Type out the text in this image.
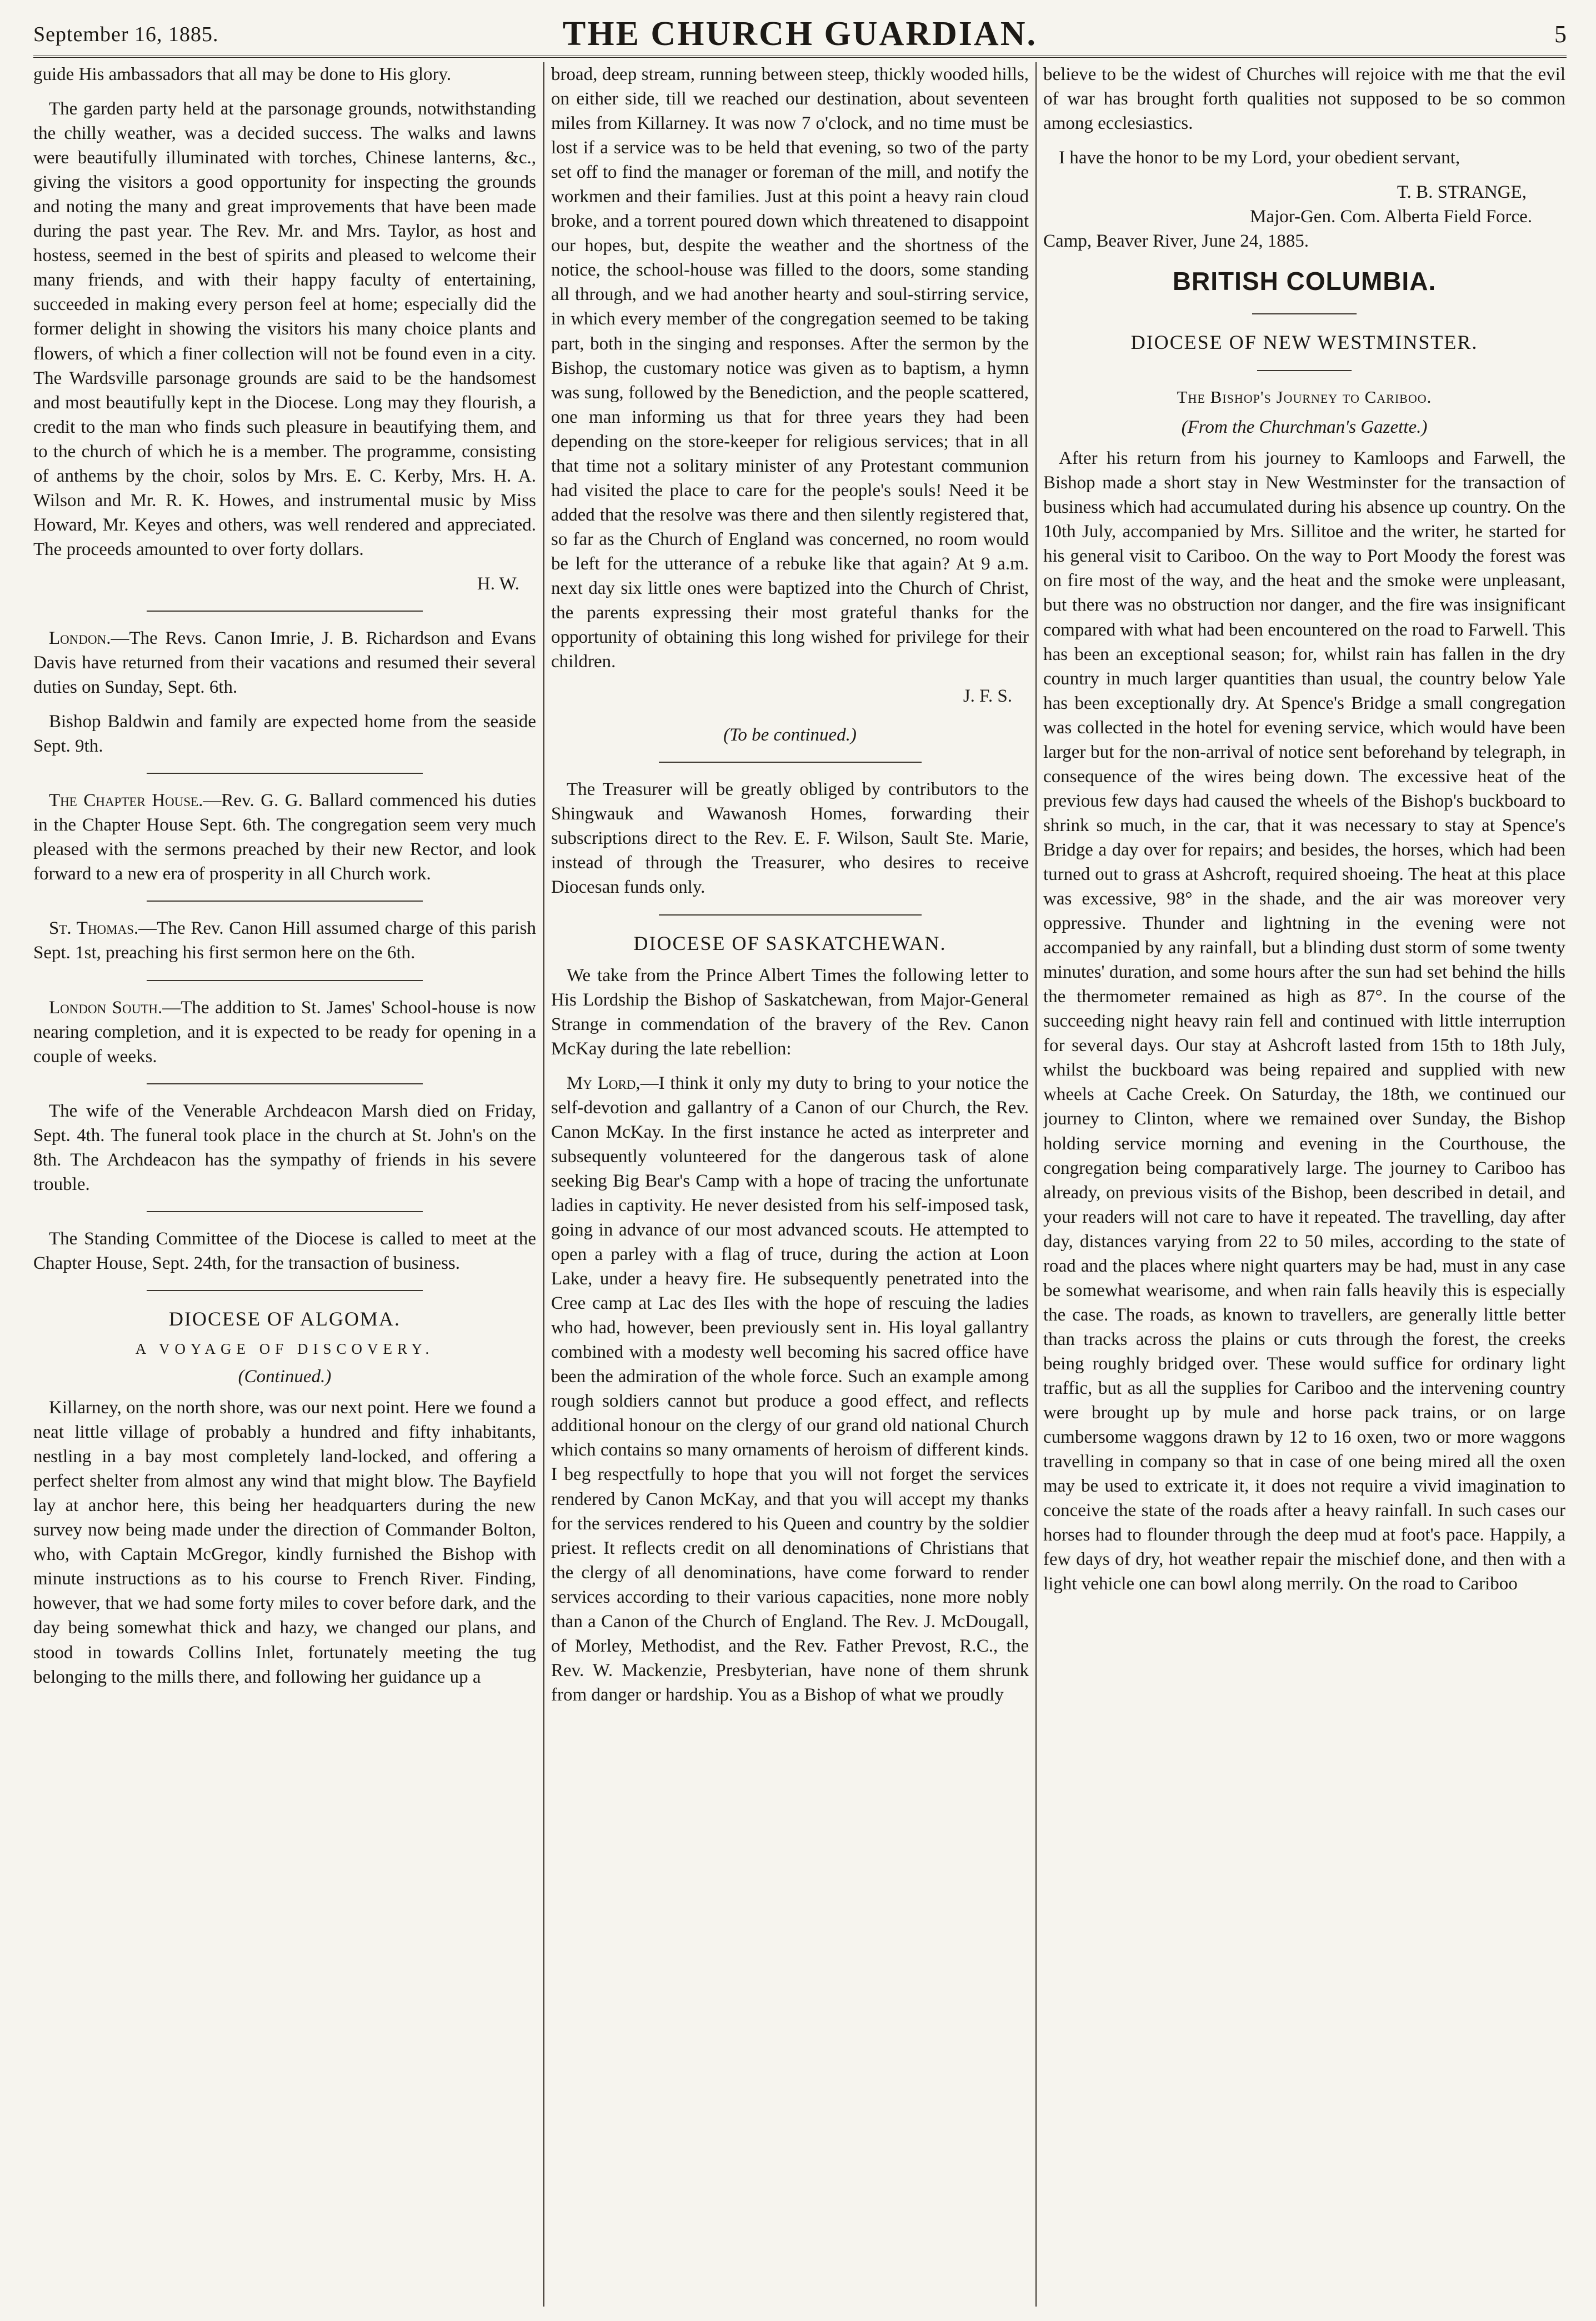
September 16, 1885.	THE CHURCH GUARDIAN.	5

guide His ambassadors that all may be done to His glory.

The garden party held at the parsonage grounds, notwithstanding the chilly weather, was a decided success. The walks and lawns were beautifully illuminated with torches, Chinese lanterns, &c., giving the visitors a good opportunity for inspecting the grounds and noting the many and great improvements that have been made during the past year. The Rev. Mr. and Mrs. Taylor, as host and hostess, seemed in the best of spirits and pleased to welcome their many friends, and with their happy faculty of entertaining, succeeded in making every person feel at home; especially did the former delight in showing the visitors his many choice plants and flowers, of which a finer collection will not be found even in a city. The Wardsville parsonage grounds are said to be the handsomest and most beautifully kept in the Diocese. Long may they flourish, a credit to the man who finds such pleasure in beautifying them, and to the church of which he is a member. The programme, consisting of anthems by the choir, solos by Mrs. E. C. Kerby, Mrs. H. A. Wilson and Mr. R. K. Howes, and instrumental music by Miss Howard, Mr. Keyes and others, was well rendered and appreciated. The proceeds amounted to over forty dollars.

H. W.

London.—The Revs. Canon Imrie, J. B. Richardson and Evans Davis have returned from their vacations and resumed their several duties on Sunday, Sept. 6th.

Bishop Baldwin and family are expected home from the seaside Sept. 9th.

The Chapter House.—Rev. G. G. Ballard commenced his duties in the Chapter House Sept. 6th. The congregation seem very much pleased with the sermons preached by their new Rector, and look forward to a new era of prosperity in all Church work.

St. Thomas.—The Rev. Canon Hill assumed charge of this parish Sept. 1st, preaching his first sermon here on the 6th.

London South.—The addition to St. James' School-house is now nearing completion, and it is expected to be ready for opening in a couple of weeks.

The wife of the Venerable Archdeacon Marsh died on Friday, Sept. 4th. The funeral took place in the church at St. John's on the 8th. The Archdeacon has the sympathy of friends in his severe trouble.

The Standing Committee of the Diocese is called to meet at the Chapter House, Sept. 24th, for the transaction of business.

DIOCESE OF ALGOMA.
A VOYAGE OF DISCOVERY.
(Continued.)

Killarney, on the north shore, was our next point. Here we found a neat little village of probably a hundred and fifty inhabitants, nestling in a bay most completely land-locked, and offering a perfect shelter from almost any wind that might blow. The Bayfield lay at anchor here, this being her headquarters during the new survey now being made under the direction of Commander Bolton, who, with Captain McGregor, kindly furnished the Bishop with minute instructions as to his course to French River. Finding, however, that we had some forty miles to cover before dark, and the day being somewhat thick and hazy, we changed our plans, and stood in towards Collins Inlet, fortunately meeting the tug belonging to the mills there, and following her guidance up a

broad, deep stream, running between steep, thickly wooded hills, on either side, till we reached our destination, about seventeen miles from Killarney. It was now 7 o'clock, and no time must be lost if a service was to be held that evening, so two of the party set off to find the manager or foreman of the mill, and notify the workmen and their families. Just at this point a heavy rain cloud broke, and a torrent poured down which threatened to disappoint our hopes, but, despite the weather and the shortness of the notice, the school-house was filled to the doors, some standing all through, and we had another hearty and soul-stirring service, in which every member of the congregation seemed to be taking part, both in the singing and responses. After the sermon by the Bishop, the customary notice was given as to baptism, a hymn was sung, followed by the Benediction, and the people scattered, one man informing us that for three years they had been depending on the store-keeper for religious services; that in all that time not a solitary minister of any Protestant communion had visited the place to care for the people's souls! Need it be added that the resolve was there and then silently registered that, so far as the Church of England was concerned, no room would be left for the utterance of a rebuke like that again? At 9 a.m. next day six little ones were baptized into the Church of Christ, the parents expressing their most grateful thanks for the opportunity of obtaining this long wished for privilege for their children.

J. F. S.
(To be continued.)

The Treasurer will be greatly obliged by contributors to the Shingwauk and Wawanosh Homes, forwarding their subscriptions direct to the Rev. E. F. Wilson, Sault Ste. Marie, instead of through the Treasurer, who desires to receive Diocesan funds only.

DIOCESE OF SASKATCHEWAN.

We take from the Prince Albert Times the following letter to His Lordship the Bishop of Saskatchewan, from Major-General Strange in commendation of the bravery of the Rev. Canon McKay during the late rebellion:

My Lord,—I think it only my duty to bring to your notice the self-devotion and gallantry of a Canon of our Church, the Rev. Canon McKay. In the first instance he acted as interpreter and subsequently volunteered for the dangerous task of alone seeking Big Bear's Camp with a hope of tracing the unfortunate ladies in captivity. He never desisted from his self-imposed task, going in advance of our most advanced scouts. He attempted to open a parley with a flag of truce, during the action at Loon Lake, under a heavy fire. He subsequently penetrated into the Cree camp at Lac des Iles with the hope of rescuing the ladies who had, however, been previously sent in. His loyal gallantry combined with a modesty well becoming his sacred office have been the admiration of the whole force. Such an example among rough soldiers cannot but produce a good effect, and reflects additional honour on the clergy of our grand old national Church which contains so many ornaments of heroism of different kinds. I beg respectfully to hope that you will not forget the services rendered by Canon McKay, and that you will accept my thanks for the services rendered to his Queen and country by the soldier priest. It reflects credit on all denominations of Christians that the clergy of all denominations, have come forward to render services according to their various capacities, none more nobly than a Canon of the Church of England. The Rev. J. McDougall, of Morley, Methodist, and the Rev. Father Prevost, R.C., the Rev. W. Mackenzie, Presbyterian, have none of them shrunk from danger or hardship. You as a Bishop of what we proudly

believe to be the widest of Churches will rejoice with me that the evil of war has brought forth qualities not supposed to be so common among ecclesiastics.

I have the honor to be my Lord, your obedient servant,

T. B. STRANGE,
Major-Gen. Com. Alberta Field Force.

Camp, Beaver River, June 24, 1885.

BRITISH COLUMBIA.
DIOCESE OF NEW WESTMINSTER.
The Bishop's Journey to Cariboo.
(From the Churchman's Gazette.)

After his return from his journey to Kamloops and Farwell, the Bishop made a short stay in New Westminster for the transaction of business which had accumulated during his absence up country. On the 10th July, accompanied by Mrs. Sillitoe and the writer, he started for his general visit to Cariboo. On the way to Port Moody the forest was on fire most of the way, and the heat and the smoke were unpleasant, but there was no obstruction nor danger, and the fire was insignificant compared with what had been encountered on the road to Farwell. This has been an exceptional season; for, whilst rain has fallen in the dry country in much larger quantities than usual, the country below Yale has been exceptionally dry. At Spence's Bridge a small congregation was collected in the hotel for evening service, which would have been larger but for the non-arrival of notice sent beforehand by telegraph, in consequence of the wires being down. The excessive heat of the previous few days had caused the wheels of the Bishop's buckboard to shrink so much, in the car, that it was necessary to stay at Spence's Bridge a day over for repairs; and besides, the horses, which had been turned out to grass at Ashcroft, required shoeing. The heat at this place was excessive, 98° in the shade, and the air was moreover very oppressive. Thunder and lightning in the evening were not accompanied by any rainfall, but a blinding dust storm of some twenty minutes' duration, and some hours after the sun had set behind the hills the thermometer remained as high as 87°. In the course of the succeeding night heavy rain fell and continued with little interruption for several days. Our stay at Ashcroft lasted from 15th to 18th July, whilst the buckboard was being repaired and supplied with new wheels at Cache Creek. On Saturday, the 18th, we continued our journey to Clinton, where we remained over Sunday, the Bishop holding service morning and evening in the Courthouse, the congregation being comparatively large. The journey to Cariboo has already, on previous visits of the Bishop, been described in detail, and your readers will not care to have it repeated. The travelling, day after day, distances varying from 22 to 50 miles, according to the state of road and the places where night quarters may be had, must in any case be somewhat wearisome, and when rain falls heavily this is especially the case. The roads, as known to travellers, are generally little better than tracks across the plains or cuts through the forest, the creeks being roughly bridged over. These would suffice for ordinary light traffic, but as all the supplies for Cariboo and the intervening country were brought up by mule and horse pack trains, or on large cumbersome waggons drawn by 12 to 16 oxen, two or more waggons travelling in company so that in case of one being mired all the oxen may be used to extricate it, it does not require a vivid imagination to conceive the state of the roads after a heavy rainfall. In such cases our horses had to flounder through the deep mud at foot's pace. Happily, a few days of dry, hot weather repair the mischief done, and then with a light vehicle one can bowl along merrily. On the road to Cariboo
